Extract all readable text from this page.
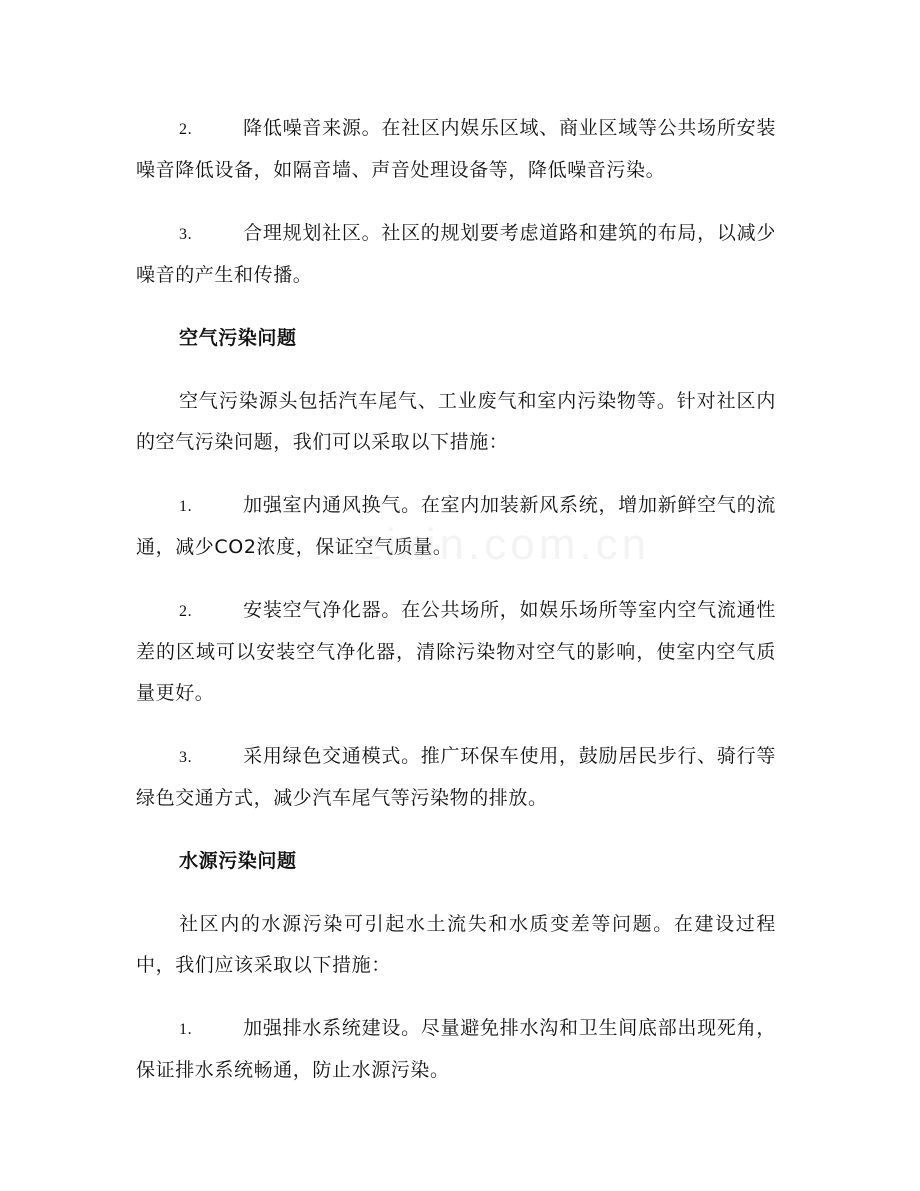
2.	降低噪音来源。在社区内娱乐区域、商业区域等公共场所安装噪音降低设备，如隔音墙、声音处理设备等，降低噪音污染。

3.	合理规划社区。社区的规划要考虑道路和建筑的布局，以减少噪音的产生和传播。

空气污染问题

空气污染源头包括汽车尾气、工业废气和室内污染物等。针对社区内的空气污染问题，我们可以采取以下措施：

1.	加强室内通风换气。在室内加装新风系统，增加新鲜空气的流通，减少CO2浓度，保证空气质量。

2.	安装空气净化器。在公共场所，如娱乐场所等室内空气流通性差的区域可以安装空气净化器，清除污染物对空气的影响，使室内空气质量更好。

3.	采用绿色交通模式。推广环保车使用，鼓励居民步行、骑行等绿色交通方式，减少汽车尾气等污染物的排放。

水源污染问题

社区内的水源污染可引起水土流失和水质变差等问题。在建设过程中，我们应该采取以下措施：

1.	加强排水系统建设。尽量避免排水沟和卫生间底部出现死角，保证排水系统畅通，防止水源污染。

zixin.com.cn
